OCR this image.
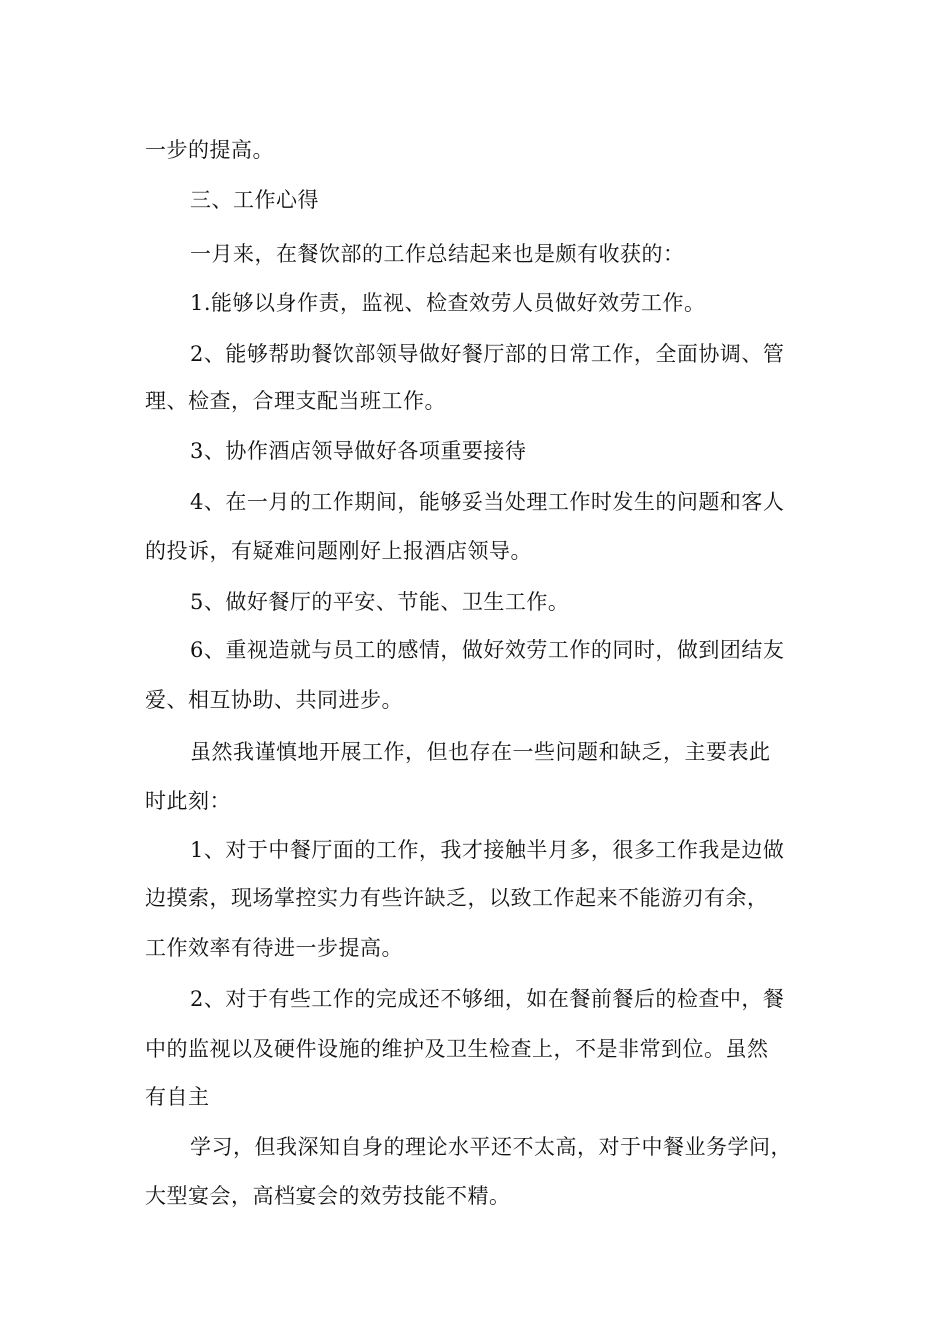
一步的提高。
三、工作心得
一月来，在餐饮部的工作总结起来也是颇有收获的：
1.能够以身作责，监视、检查效劳人员做好效劳工作。
2、能够帮助餐饮部领导做好餐厅部的日常工作，全面协调、管
理、检查，合理支配当班工作。
3、协作酒店领导做好各项重要接待
4、在一月的工作期间，能够妥当处理工作时发生的问题和客人
的投诉，有疑难问题刚好上报酒店领导。
5、做好餐厅的平安、节能、卫生工作。
6、重视造就与员工的感情，做好效劳工作的同时，做到团结友
爱、相互协助、共同进步。
虽然我谨慎地开展工作，但也存在一些问题和缺乏，主要表此
时此刻：
1、对于中餐厅面的工作，我才接触半月多，很多工作我是边做
边摸索，现场掌控实力有些许缺乏，以致工作起来不能游刃有余，
工作效率有待进一步提高。
2、对于有些工作的完成还不够细，如在餐前餐后的检查中，餐
中的监视以及硬件设施的维护及卫生检查上，不是非常到位。虽然
有自主
学习，但我深知自身的理论水平还不太高，对于中餐业务学问，
大型宴会，高档宴会的效劳技能不精。
